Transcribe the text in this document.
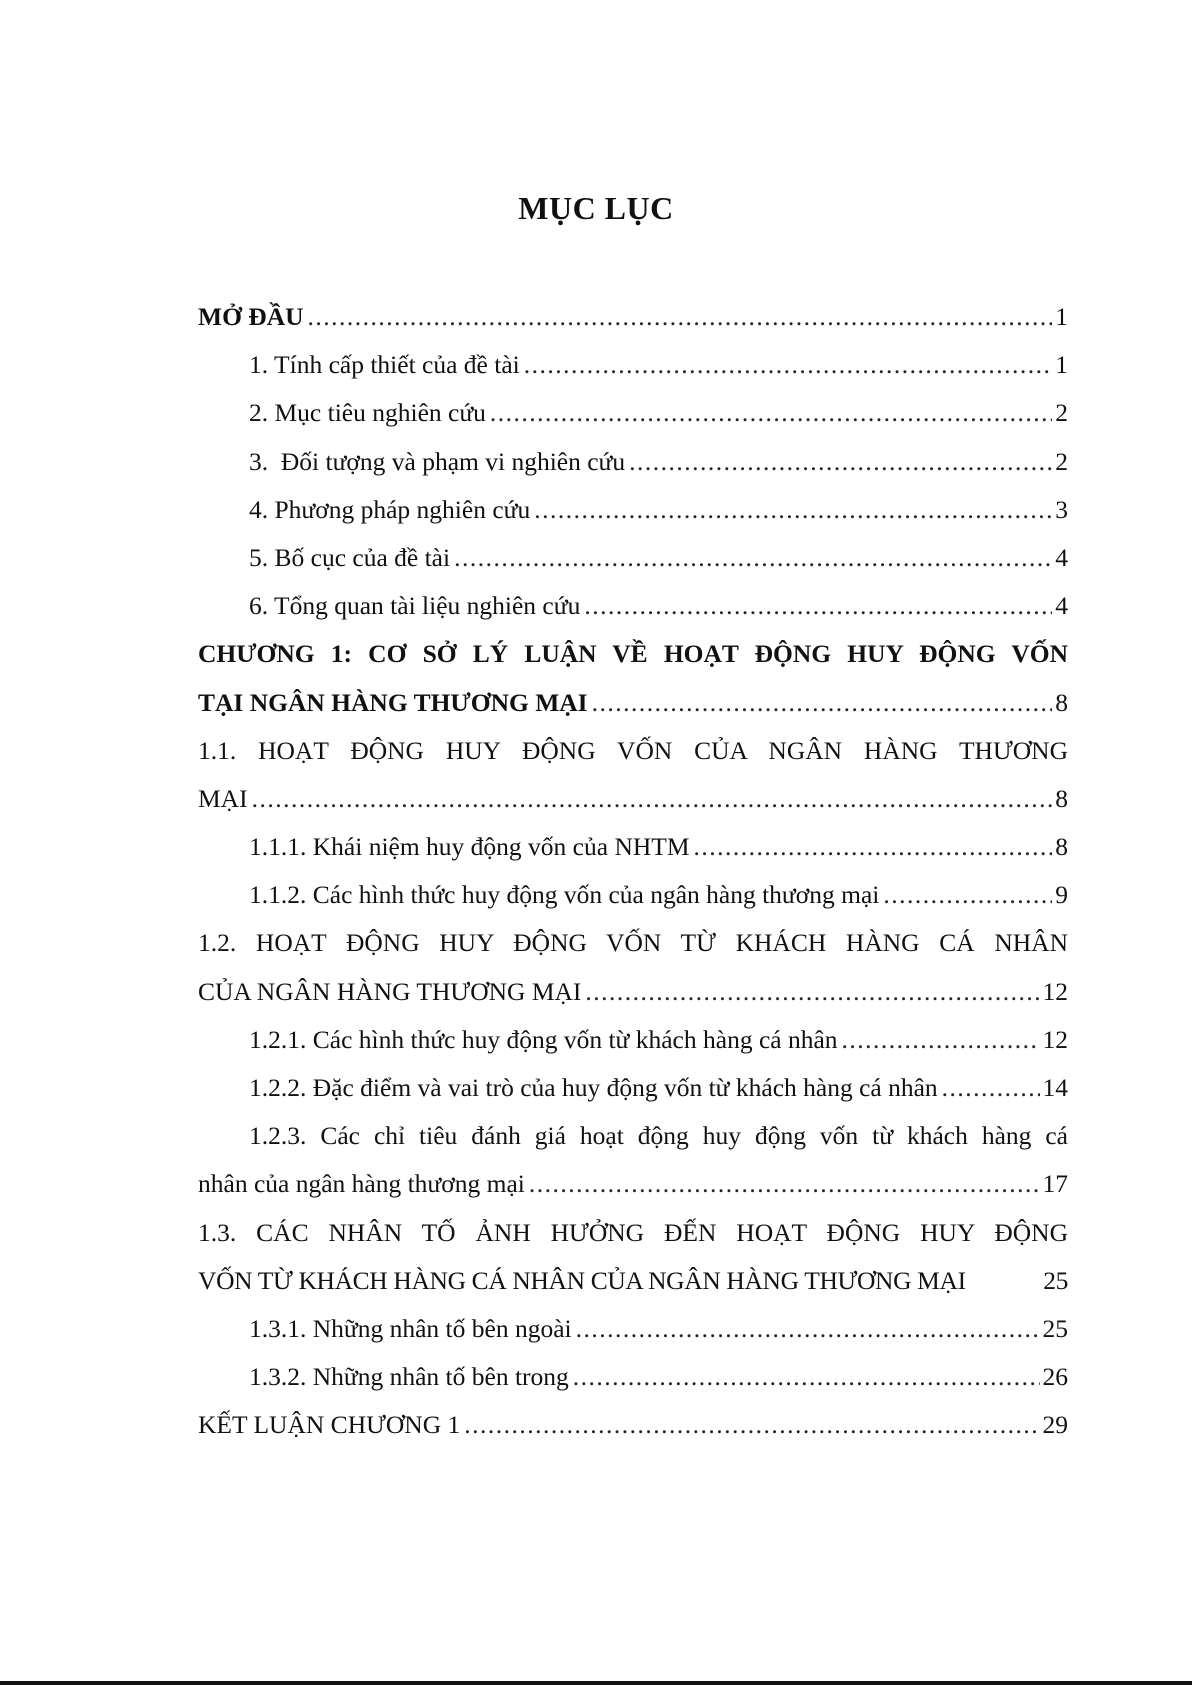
MỤC LỤC
MỞ ĐẦU .....	1
1. Tính cấp thiết của đề tài .....	1
2. Mục tiêu nghiên cứu .....	2
3.  Đối tượng và phạm vi nghiên cứu .....	2
4. Phương pháp nghiên cứu .....	3
5. Bố cục của đề tài .....	4
6. Tổng quan tài liệu nghiên cứu .....	4
CHƯƠNG 1: CƠ SỞ LÝ LUẬN VỀ HOẠT ĐỘNG HUY ĐỘNG VỐN
TẠI NGÂN HÀNG THƯƠNG MẠI .....	8
1.1. HOẠT ĐỘNG HUY ĐỘNG VỐN CỦA NGÂN HÀNG THƯƠNG
MẠI .....	8
1.1.1. Khái niệm huy động vốn của NHTM .....	8
1.1.2. Các hình thức huy động vốn của ngân hàng thương mại .....	9
1.2. HOẠT ĐỘNG HUY ĐỘNG VỐN TỪ KHÁCH HÀNG CÁ NHÂN
CỦA NGÂN HÀNG THƯƠNG MẠI .....	12
1.2.1. Các hình thức huy động vốn từ khách hàng cá nhân .....	12
1.2.2. Đặc điểm và vai trò của huy động vốn từ khách hàng cá nhân .....	14
1.2.3. Các chỉ tiêu đánh giá hoạt động huy động vốn từ khách hàng cá
nhân của ngân hàng thương mại .....	17
1.3. CÁC NHÂN TỐ ẢNH HƯỞNG ĐẾN HOẠT ĐỘNG HUY ĐỘNG
VỐN TỪ KHÁCH HÀNG CÁ NHÂN CỦA NGÂN HÀNG THƯƠNG MẠI	25
1.3.1. Những nhân tố bên ngoài .....	25
1.3.2. Những nhân tố bên trong .....	26
KẾT LUẬN CHƯƠNG 1 .....	29
